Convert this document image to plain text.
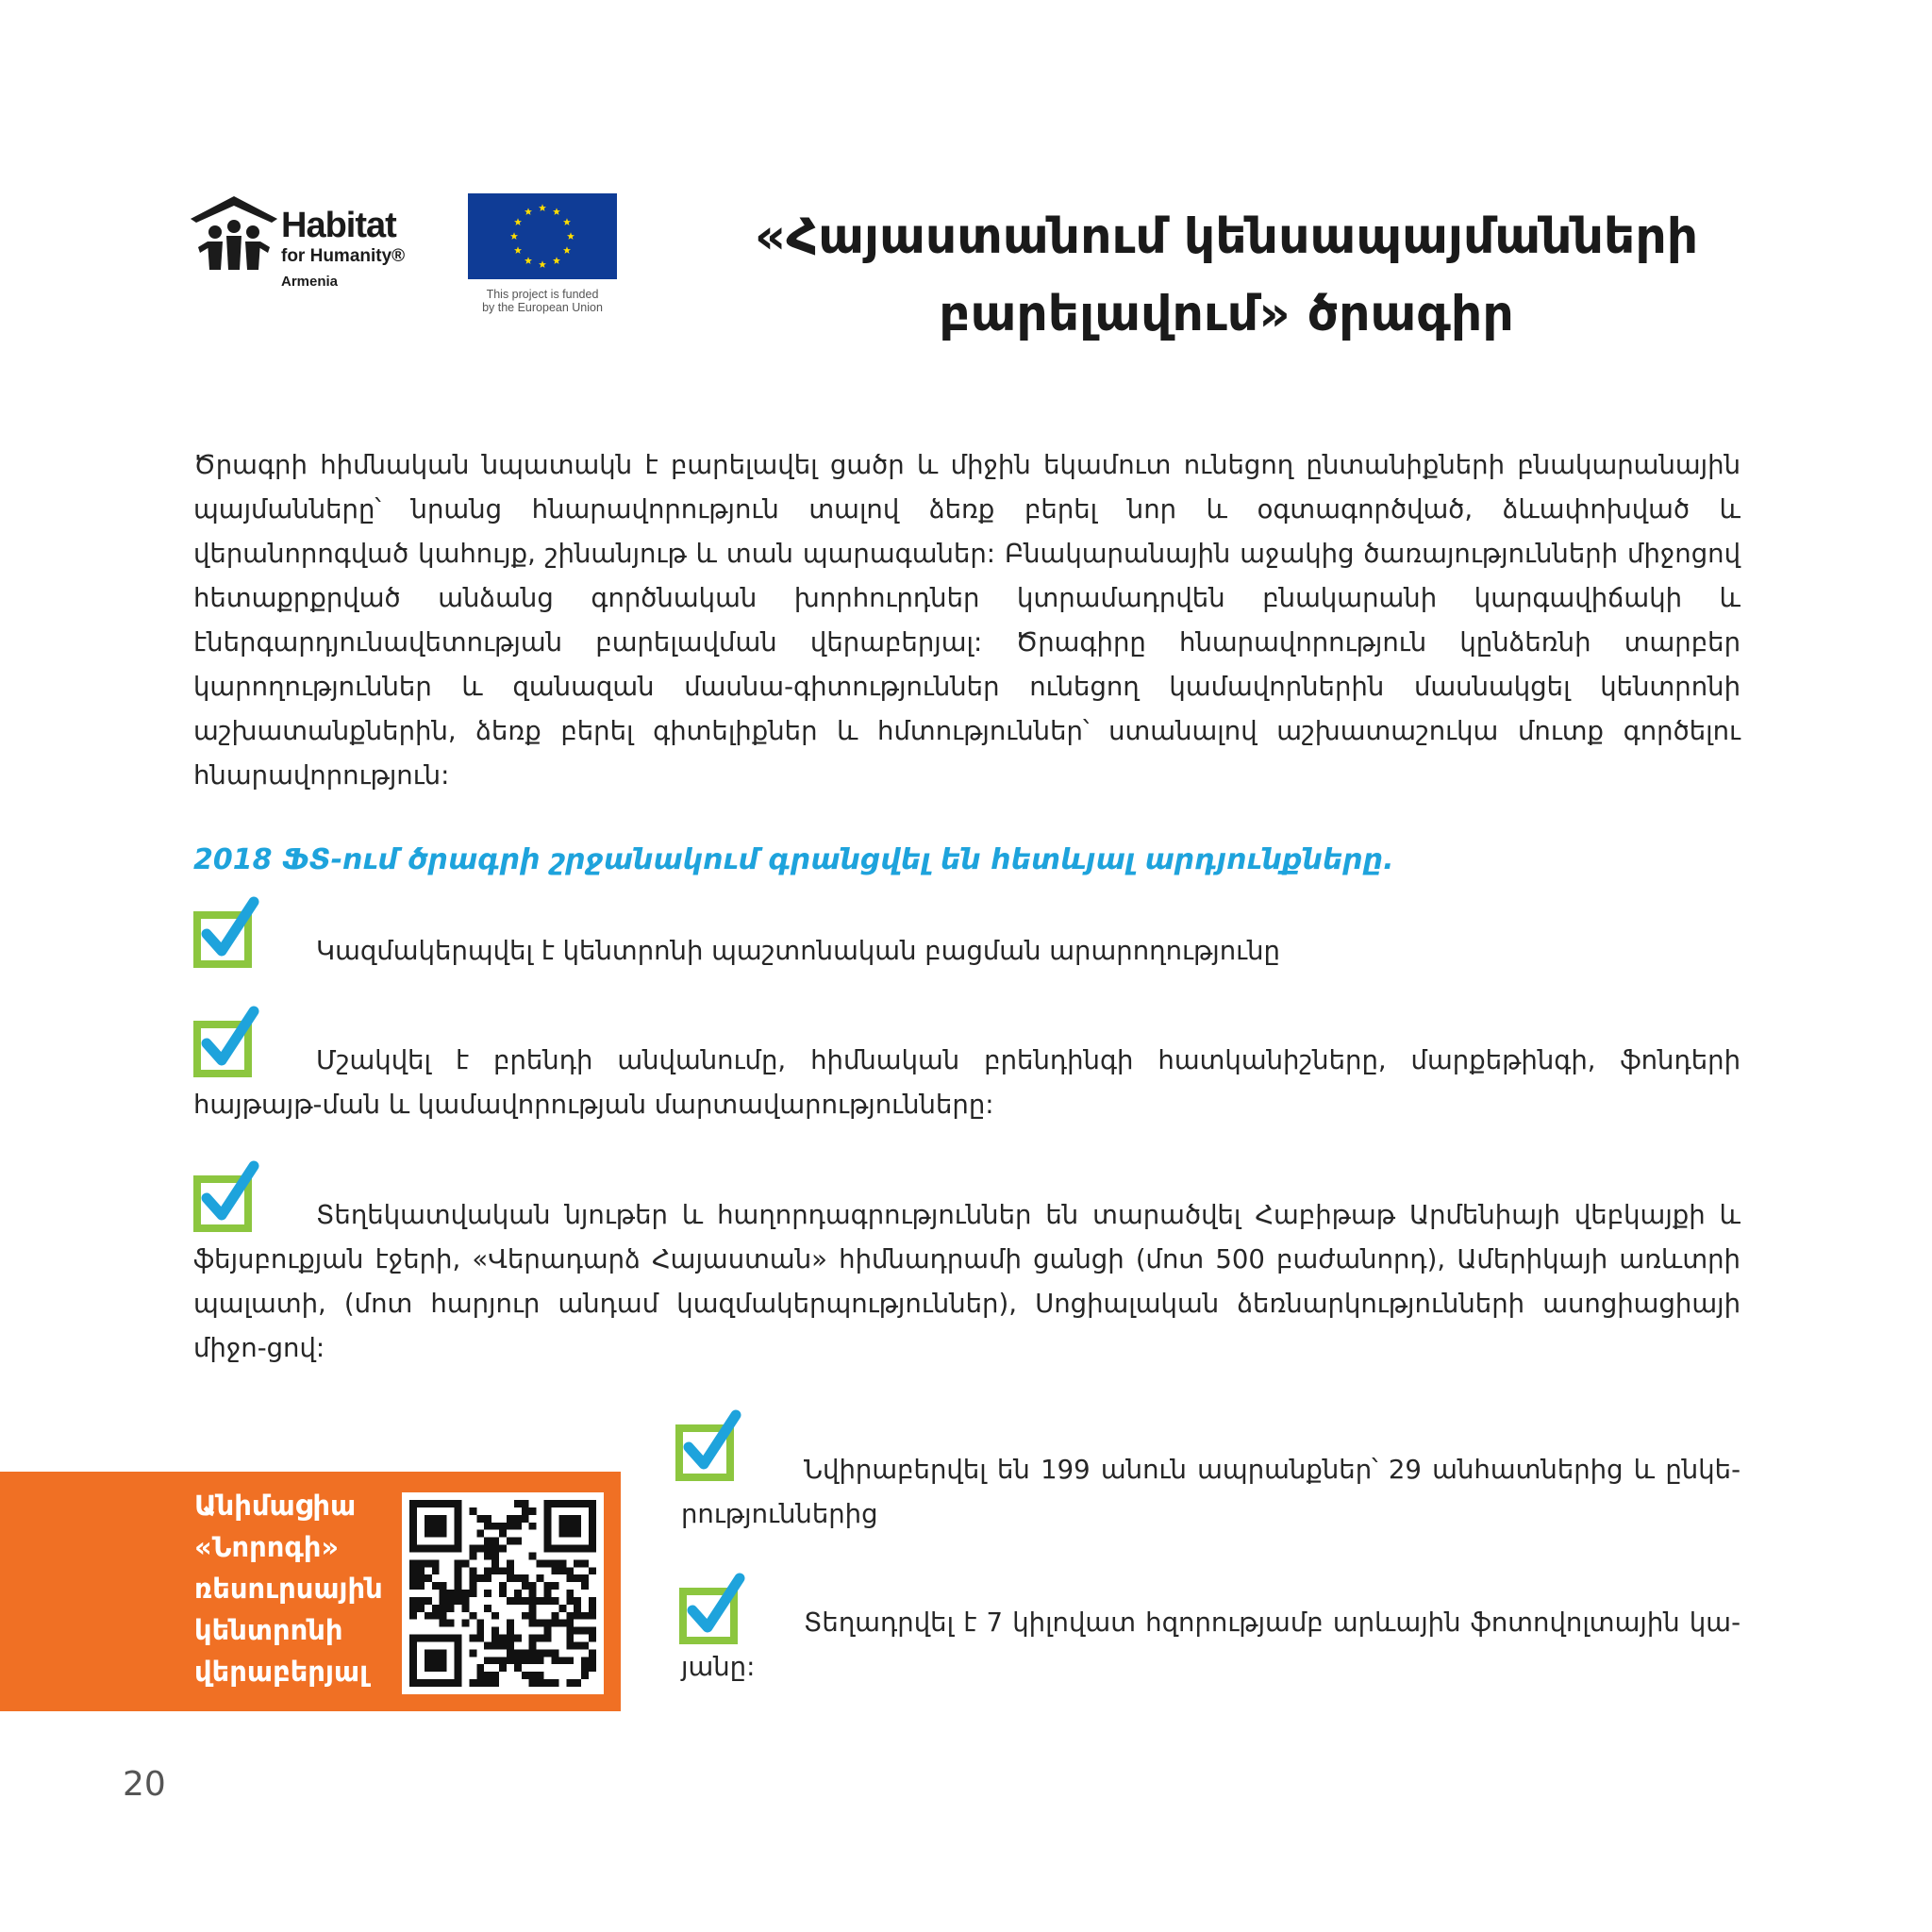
Habitat
for Humanity®
Armenia
This project is funded
by the European Union
«Հայաստանում կենսապայմանների
բարելավում» ծրագիր
Ծրագրի հիմնական նպատակն է բարելավել ցածր և միջին եկամուտ ունեցող ընտանիքների բնակարանային պայմանները՝ նրանց հնարավորություն տալով ձեռք բերել նոր և օգտագործված, ձևափոխված և վերանորոգված կահույք, շինանյութ և տան պարագաներ: Բնակարանային աջակից ծառայությունների միջոցով հետաքրքրված անձանց գործնական խորհուրդներ կտրամադրվեն բնակարանի կարգավիճակի և էներգարդյունավետության բարելավման վերաբերյալ: Ծրագիրը հնարավորություն կընձեռնի տարբեր կարողություններ և զանազան մասնա-գիտություններ ունեցող կամավորներին մասնակցել կենտրոնի աշխատանքներին, ձեռք բերել գիտելիքներ և հմտություններ՝ ստանալով աշխատաշուկա մուտք գործելու հնարավորություն:
2018 ՖՏ-ում ծրագրի շրջանակում գրանցվել են հետևյալ արդյունքները.
Կազմակերպվել է կենտրոնի պաշտոնական բացման արարողությունը
Մշակվել է բրենդի անվանումը, հիմնական բրենդինգի հատկանիշները, մարքեթինգի, ֆոնդերի հայթայթ-ման և կամավորության մարտավարությունները:
Տեղեկատվական նյութեր և հաղորդագրություններ են տարածվել Հաբիթաթ Արմենիայի վեբկայքի և ֆեյսբուքյան էջերի, «Վերադարձ Հայաստան» հիմնադրամի ցանցի (մոտ 500 բաժանորդ), Ամերիկայի առևտրի պալատի, (մոտ հարյուր անդամ կազմակերպություններ), Սոցիալական ձեռնարկությունների ասոցիացիայի միջո-ցով:
Նվիրաբերվել են 199 անուն ապրանքներ՝ 29 անհատներից և ընկե-րություններից
Տեղադրվել է 7 կիլովատ հզորությամբ արևային ֆոտովոլտային կա-յանը:
Անիմացիա
«Նորոգի»
ռեսուրսային
կենտրոնի
վերաբերյալ
20
